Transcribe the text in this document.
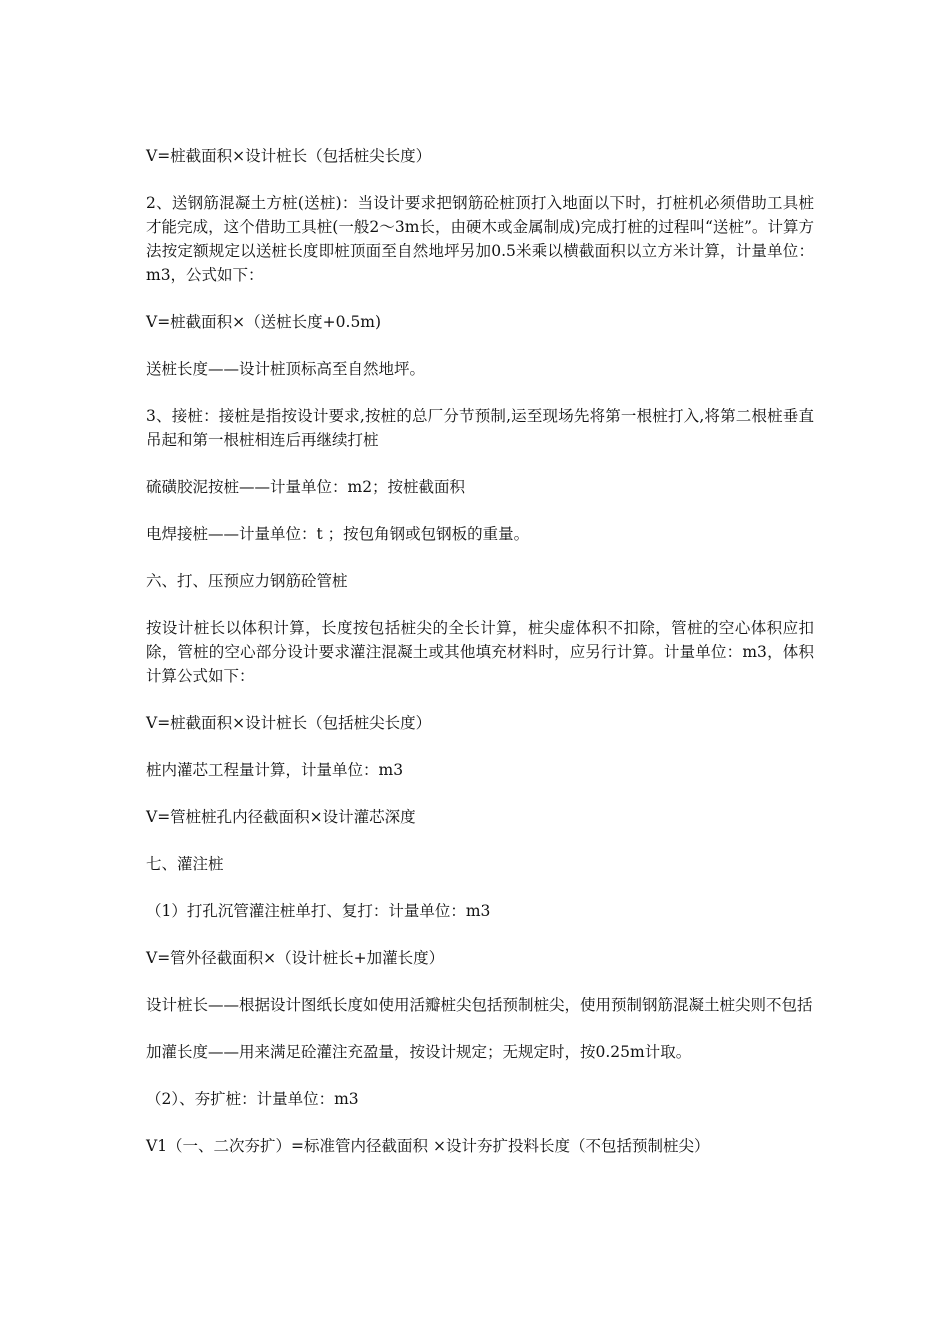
V=桩截面积×设计桩长（包括桩尖长度）

2、送钢筋混凝土方桩(送桩)：当设计要求把钢筋砼桩顶打入地面以下时，打桩机必须借助工具桩才能完成，这个借助工具桩(一般2～3m长，由硬木或金属制成)完成打桩的过程叫“送桩”。计算方法按定额规定以送桩长度即桩顶面至自然地坪另加0.5米乘以横截面积以立方米计算，计量单位：m3，公式如下：

V=桩截面积×（送桩长度+0.5m)

送桩长度——设计桩顶标高至自然地坪。

3、接桩：接桩是指按设计要求,按桩的总厂分节预制,运至现场先将第一根桩打入,将第二根桩垂直吊起和第一根桩相连后再继续打桩

硫磺胶泥按桩——计量单位：m2；按桩截面积

电焊接桩——计量单位：t ；按包角钢或包钢板的重量。

六、打、压预应力钢筋砼管桩

按设计桩长以体积计算，长度按包括桩尖的全长计算，桩尖虚体积不扣除，管桩的空心体积应扣除，管桩的空心部分设计要求灌注混凝土或其他填充材料时，应另行计算。计量单位：m3，体积计算公式如下：

V=桩截面积×设计桩长（包括桩尖长度）

桩内灌芯工程量计算，计量单位：m3

V=管桩桩孔内径截面积×设计灌芯深度

七、灌注桩

（1）打孔沉管灌注桩单打、复打：计量单位：m3

V=管外径截面积×（设计桩长+加灌长度）

设计桩长——根据设计图纸长度如使用活瓣桩尖包括预制桩尖，使用预制钢筋混凝土桩尖则不包括

加灌长度——用来满足砼灌注充盈量，按设计规定；无规定时，按0.25m计取。

（2）、夯扩桩：计量单位：m3

V1（一、二次夯扩）=标准管内径截面积 ×设计夯扩投料长度（不包括预制桩尖）
